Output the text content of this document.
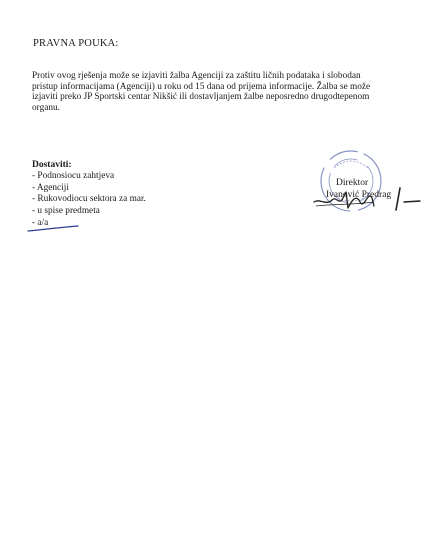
PRAVNA POUKA:
Protiv ovog rješenja može se izjaviti žalba Agenciji za zaštitu ličnih podataka i slobodan
pristup informacijama (Agenciji) u roku od 15 dana od prijema informacije. Žalba se može
izjaviti preko JP Sportski centar Nikšić ili dostavljanjem žalbe neposredno drugodtepenom
organu.
Dostaviti:
- Podnosiocu zahtjeva
- Agenciji
- Rukovodiocu sektora za mar.
- u spise predmeta
- a/a
Direktor
Ivanović Predrag
